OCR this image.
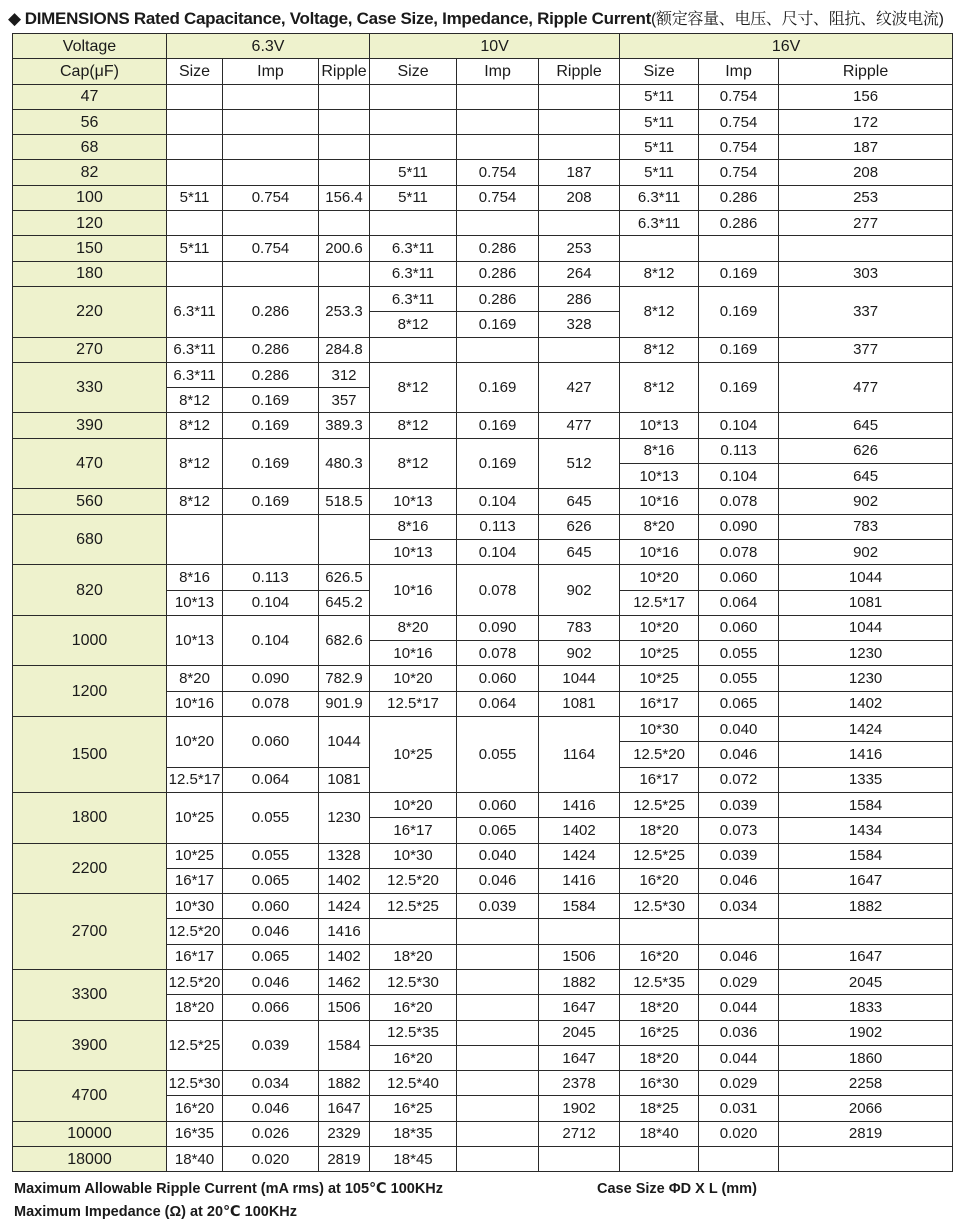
◆ DIMENSIONS Rated Capacitance, Voltage, Case Size, Impedance, Ripple Current(额定容量、电压、尺寸、阻抗、纹波电流)
Voltage	6.3V			10V			16V		
Cap(μF)	Size	Imp	Ripple	Size	Imp	Ripple	Size	Imp	Ripple
47							5*11	0.754	156
56							5*11	0.754	172
68							5*11	0.754	187
82				5*11	0.754	187	5*11	0.754	208
100	5*11	0.754	156.4	5*11	0.754	208	6.3*11	0.286	253
120							6.3*11	0.286	277
150	5*11	0.754	200.6	6.3*11	0.286	253			
180				6.3*11	0.286	264	8*12	0.169	303
220	6.3*11	0.286	253.3	6.3*11	0.286	286	8*12	0.169	337
				8*12	0.169	328			
270	6.3*11	0.286	284.8				8*12	0.169	377
330	6.3*11	0.286	312	8*12	0.169	427	8*12	0.169	477
	8*12	0.169	357						
390	8*12	0.169	389.3	8*12	0.169	477	10*13	0.104	645
470	8*12	0.169	480.3	8*12	0.169	512	8*16	0.113	626
							10*13	0.104	645
560	8*12	0.169	518.5	10*13	0.104	645	10*16	0.078	902
680				8*16	0.113	626	8*20	0.090	783
				10*13	0.104	645	10*16	0.078	902
820	8*16	0.113	626.5	10*16	0.078	902	10*20	0.060	1044
	10*13	0.104	645.2				12.5*17	0.064	1081
1000	10*13	0.104	682.6	8*20	0.090	783	10*20	0.060	1044
				10*16	0.078	902	10*25	0.055	1230
1200	8*20	0.090	782.9	10*20	0.060	1044	10*25	0.055	1230
	10*16	0.078	901.9	12.5*17	0.064	1081	16*17	0.065	1402
1500	10*20	0.060	1044	10*25	0.055	1164	10*30	0.040	1424
							12.5*20	0.046	1416
	12.5*17	0.064	1081				16*17	0.072	1335
1800	10*25	0.055	1230	10*20	0.060	1416	12.5*25	0.039	1584
				16*17	0.065	1402	18*20	0.073	1434
2200	10*25	0.055	1328	10*30	0.040	1424	12.5*25	0.039	1584
	16*17	0.065	1402	12.5*20	0.046	1416	16*20	0.046	1647
2700	10*30	0.060	1424	12.5*25	0.039	1584	12.5*30	0.034	1882
	12.5*20	0.046	1416						
	16*17	0.065	1402	18*20		1506	16*20	0.046	1647
3300	12.5*20	0.046	1462	12.5*30		1882	12.5*35	0.029	2045
	18*20	0.066	1506	16*20		1647	18*20	0.044	1833
3900	12.5*25	0.039	1584	12.5*35		2045	16*25	0.036	1902
				16*20		1647	18*20	0.044	1860
4700	12.5*30	0.034	1882	12.5*40		2378	16*30	0.029	2258
	16*20	0.046	1647	16*25		1902	18*25	0.031	2066
10000	16*35	0.026	2329	18*35		2712	18*40	0.020	2819
18000	18*40	0.020	2819	18*45					
Maximum Allowable Ripple Current (mA rms) at 105℃ 100KHz
Maximum Impedance (Ω) at 20℃ 100KHz
Case Size ΦD X L (mm)
